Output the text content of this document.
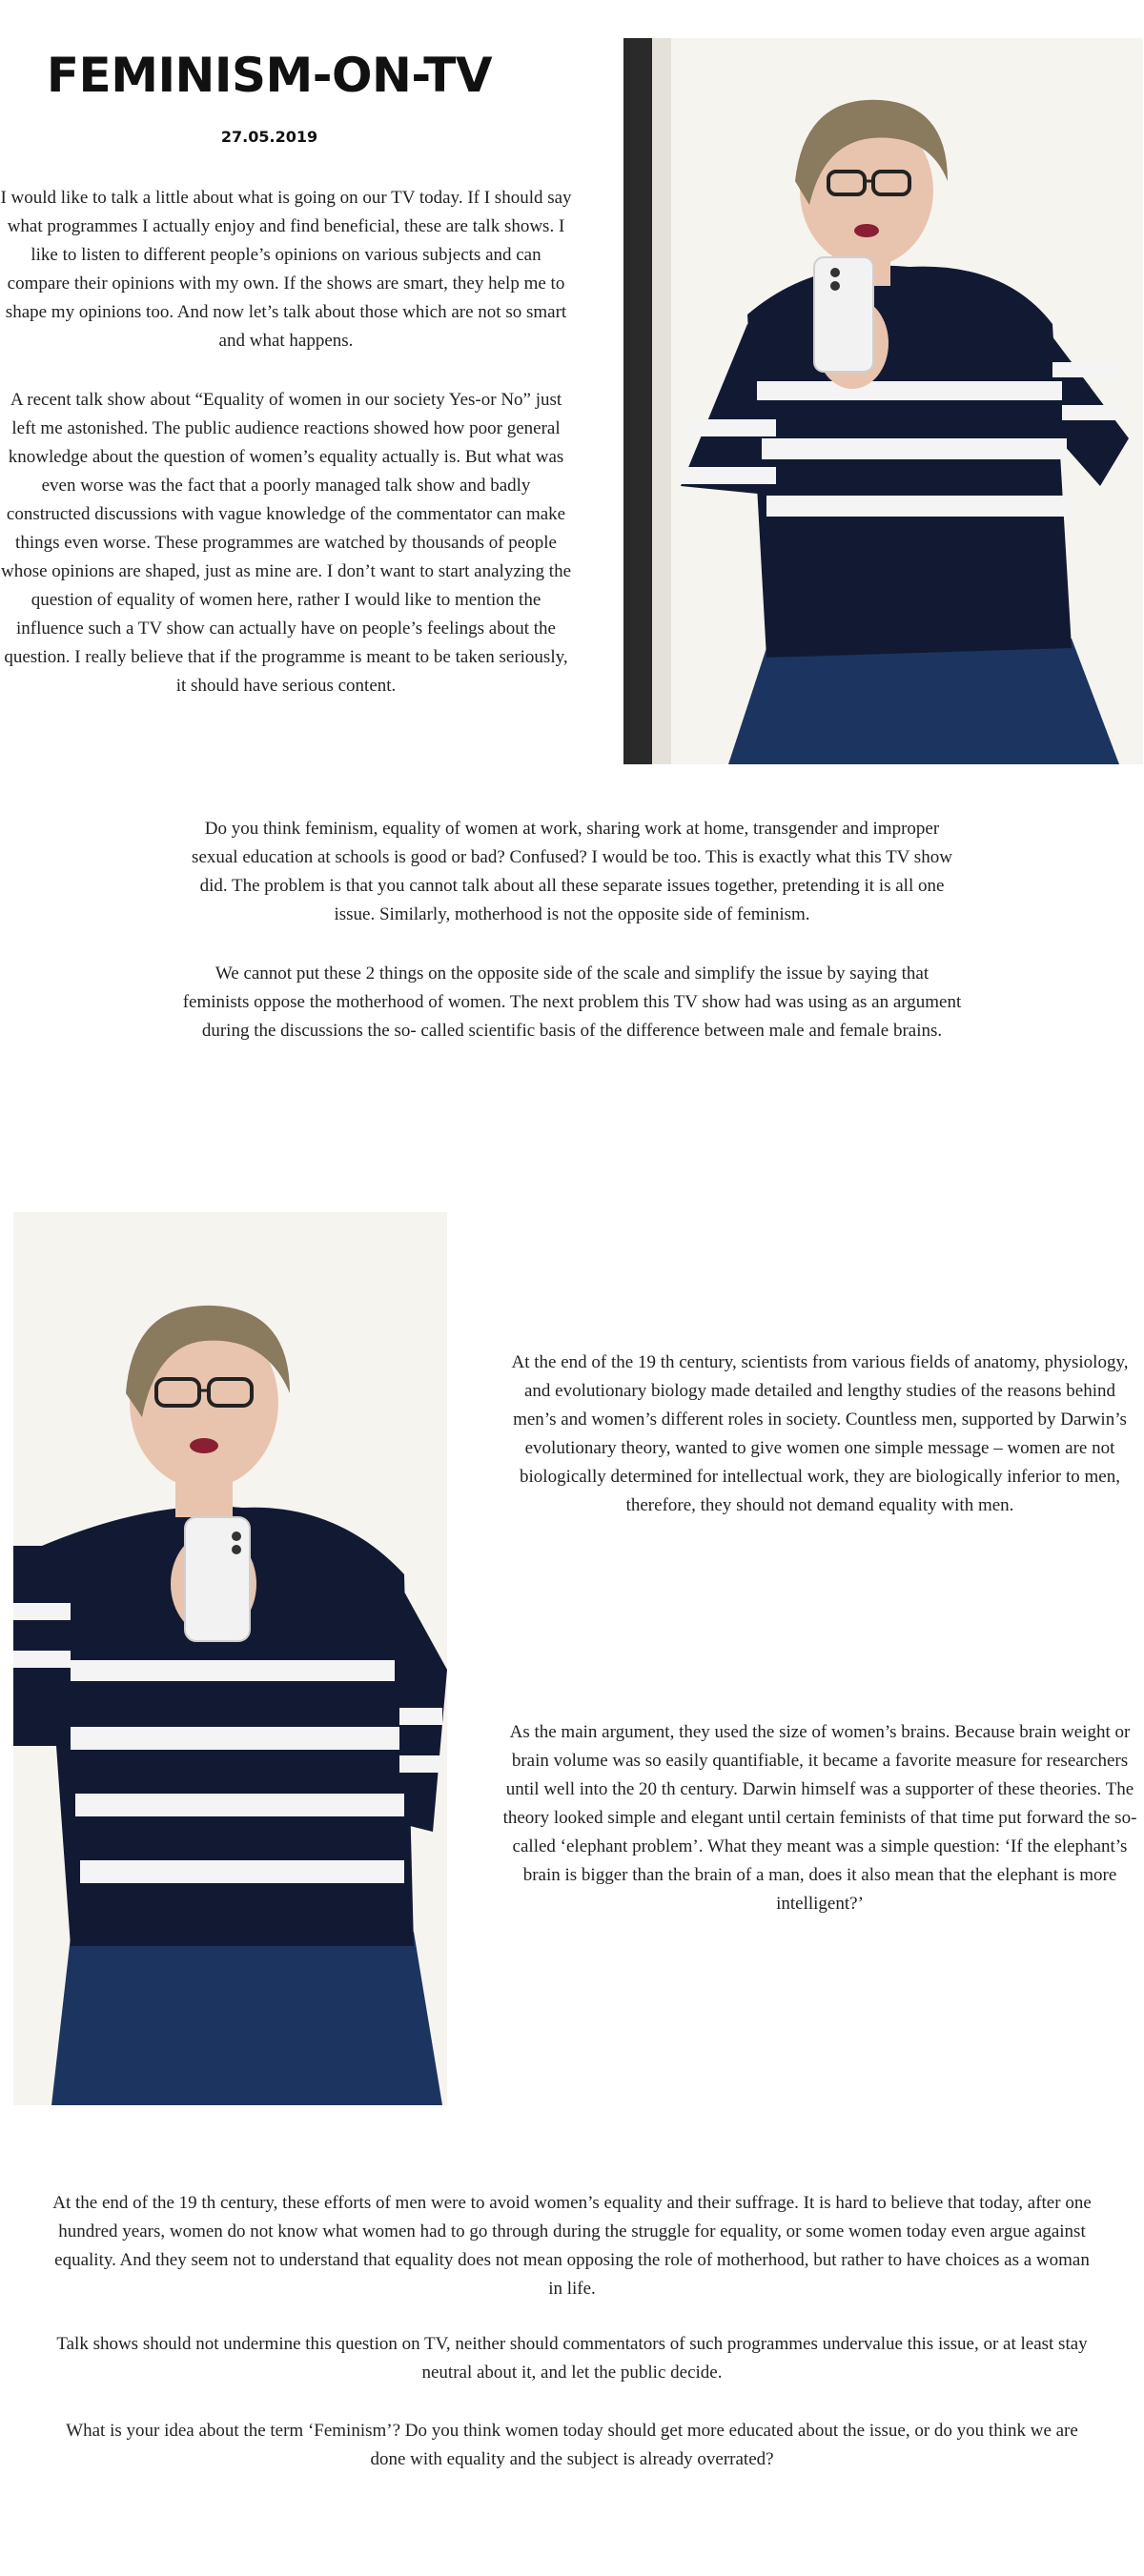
FEMINISM-ON-TV
27.05.2019

I would like to talk a little about what is going on our TV today. If I should say what programmes I actually enjoy and find beneficial, these are talk shows. I like to listen to different people’s opinions on various subjects and can compare their opinions with my own. If the shows are smart, they help me to shape my opinions too. And now let’s talk about those which are not so smart and what happens.

A recent talk show about “Equality of women in our society Yes-or No” just left me astonished. The public audience reactions showed how poor general knowledge about the question of women’s equality actually is. But what was even worse was the fact that a poorly managed talk show and badly constructed discussions with vague knowledge of the commentator can make things even worse. These programmes are watched by thousands of people whose opinions are shaped, just as mine are. I don’t want to start analyzing the question of equality of women here, rather I would like to mention the influence such a TV show can actually have on people’s feelings about the question. I really believe that if the programme is meant to be taken seriously, it should have serious content.

Do you think feminism, equality of women at work, sharing work at home, transgender and improper sexual education at schools is good or bad? Confused? I would be too. This is exactly what this TV show did. The problem is that you cannot talk about all these separate issues together, pretending it is all one issue. Similarly, motherhood is not the opposite side of feminism.

We cannot put these 2 things on the opposite side of the scale and simplify the issue by saying that feminists oppose the motherhood of women. The next problem this TV show had was using as an argument during the discussions the so- called scientific basis of the difference between male and female brains.

At the end of the 19 th century, scientists from various fields of anatomy, physiology, and evolutionary biology made detailed and lengthy studies of the reasons behind men’s and women’s different roles in society. Countless men, supported by Darwin’s evolutionary theory, wanted to give women one simple message – women are not biologically determined for intellectual work, they are biologically inferior to men, therefore, they should not demand equality with men.

As the main argument, they used the size of women’s brains. Because brain weight or brain volume was so easily quantifiable, it became a favorite measure for researchers until well into the 20 th century. Darwin himself was a supporter of these theories. The theory looked simple and elegant until certain feminists of that time put forward the so-called ‘elephant problem’. What they meant was a simple question: ‘If the elephant’s brain is bigger than the brain of a man, does it also mean that the elephant is more intelligent?’

At the end of the 19 th century, these efforts of men were to avoid women’s equality and their suffrage. It is hard to believe that today, after one hundred years, women do not know what women had to go through during the struggle for equality, or some women today even argue against equality. And they seem not to understand that equality does not mean opposing the role of motherhood, but rather to have choices as a woman in life.

Talk shows should not undermine this question on TV, neither should commentators of such programmes undervalue this issue, or at least stay neutral about it, and let the public decide.

What is your idea about the term ‘Feminism’? Do you think women today should get more educated about the issue, or do you think we are done with equality and the subject is already overrated?
